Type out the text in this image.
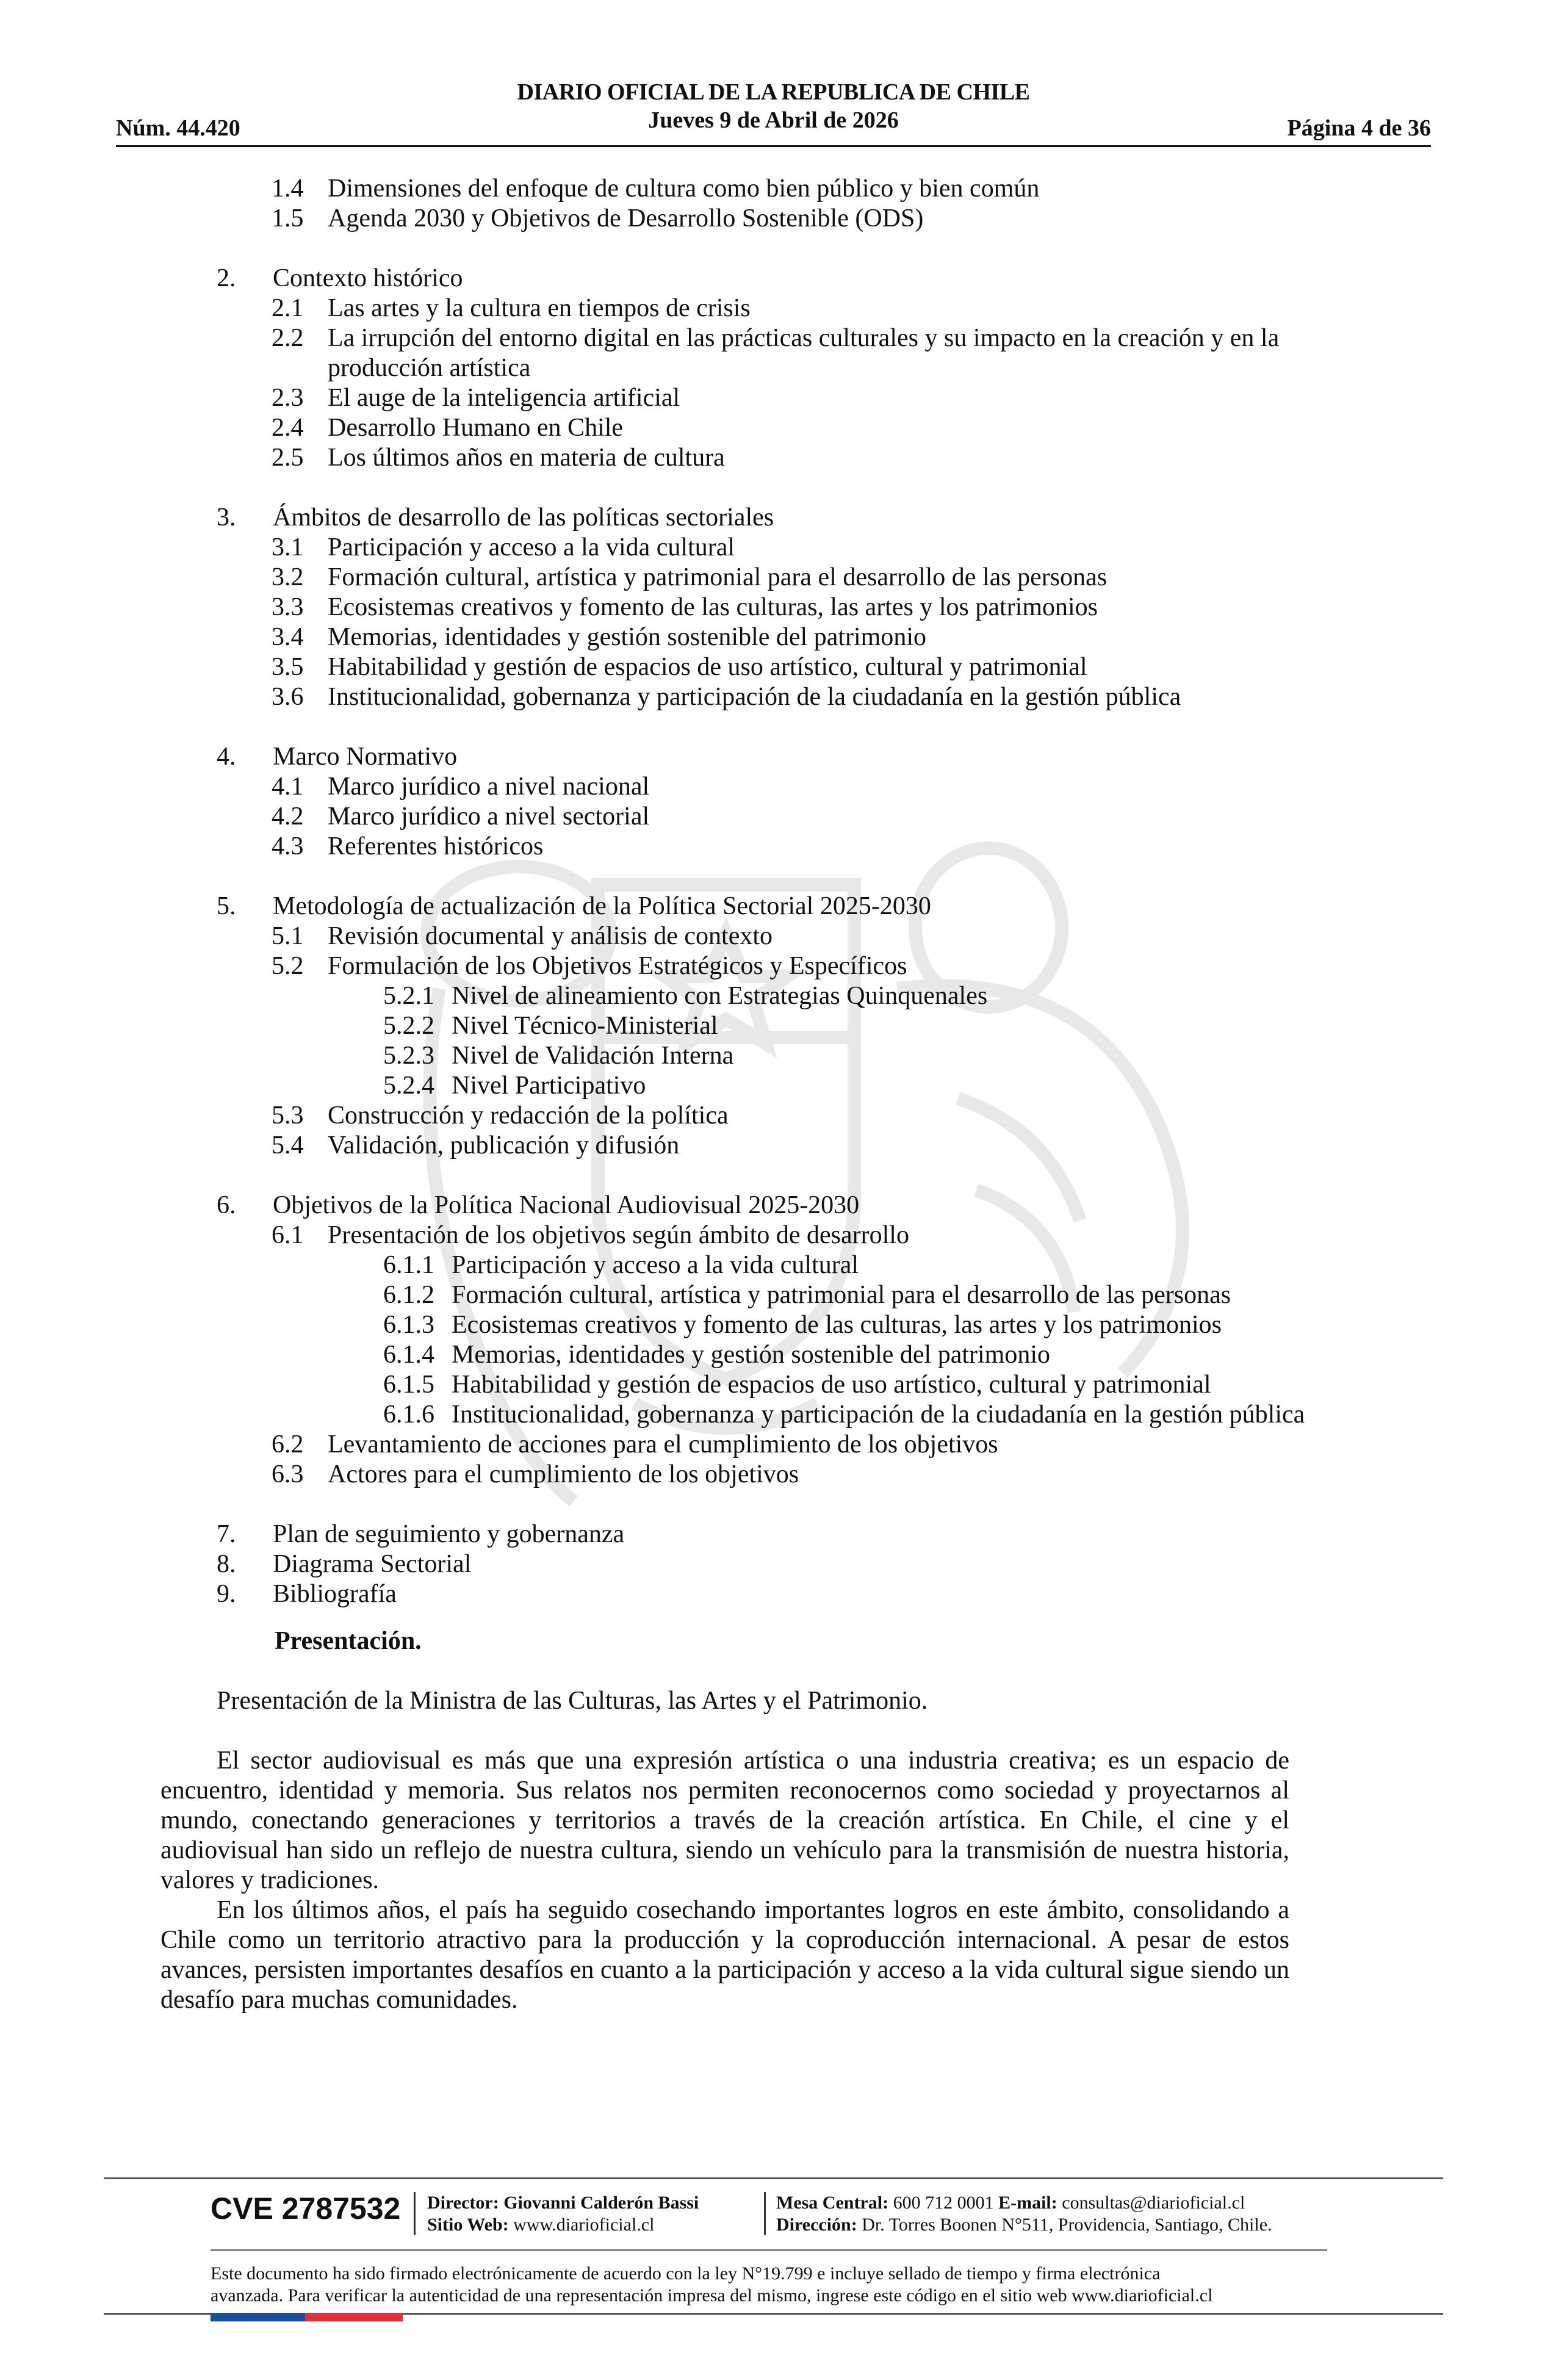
Núm. 44.420
DIARIO OFICIAL DE LA REPUBLICA DE CHILE
Jueves 9 de Abril de 2026	Página 4 de 36
1.4 Dimensiones del enfoque de cultura como bien público y bien común
1.5 Agenda 2030 y Objetivos de Desarrollo Sostenible (ODS)
2. Contexto histórico
2.1 Las artes y la cultura en tiempos de crisis
2.2 La irrupción del entorno digital en las prácticas culturales y su impacto en la creación y en la producción artística
2.3 El auge de la inteligencia artificial
2.4 Desarrollo Humano en Chile
2.5 Los últimos años en materia de cultura
3. Ámbitos de desarrollo de las políticas sectoriales
3.1 Participación y acceso a la vida cultural
3.2 Formación cultural, artística y patrimonial para el desarrollo de las personas
3.3 Ecosistemas creativos y fomento de las culturas, las artes y los patrimonios
3.4 Memorias, identidades y gestión sostenible del patrimonio
3.5 Habitabilidad y gestión de espacios de uso artístico, cultural y patrimonial
3.6 Institucionalidad, gobernanza y participación de la ciudadanía en la gestión pública
4. Marco Normativo
4.1 Marco jurídico a nivel nacional
4.2 Marco jurídico a nivel sectorial
4.3 Referentes históricos
5. Metodología de actualización de la Política Sectorial 2025-2030
5.1 Revisión documental y análisis de contexto
5.2 Formulación de los Objetivos Estratégicos y Específicos
5.2.1 Nivel de alineamiento con Estrategias Quinquenales
5.2.2 Nivel Técnico-Ministerial
5.2.3 Nivel de Validación Interna
5.2.4 Nivel Participativo
5.3 Construcción y redacción de la política
5.4 Validación, publicación y difusión
6. Objetivos de la Política Nacional Audiovisual 2025-2030
6.1 Presentación de los objetivos según ámbito de desarrollo
6.1.1 Participación y acceso a la vida cultural
6.1.2 Formación cultural, artística y patrimonial para el desarrollo de las personas
6.1.3 Ecosistemas creativos y fomento de las culturas, las artes y los patrimonios
6.1.4 Memorias, identidades y gestión sostenible del patrimonio
6.1.5 Habitabilidad y gestión de espacios de uso artístico, cultural y patrimonial
6.1.6 Institucionalidad, gobernanza y participación de la ciudadanía en la gestión pública
6.2 Levantamiento de acciones para el cumplimiento de los objetivos
6.3 Actores para el cumplimiento de los objetivos
7. Plan de seguimiento y gobernanza
8. Diagrama Sectorial
9. Bibliografía
Presentación.
Presentación de la Ministra de las Culturas, las Artes y el Patrimonio.
El sector audiovisual es más que una expresión artística o una industria creativa; es un espacio de encuentro, identidad y memoria. Sus relatos nos permiten reconocernos como sociedad y proyectarnos al mundo, conectando generaciones y territorios a través de la creación artística. En Chile, el cine y el audiovisual han sido un reflejo de nuestra cultura, siendo un vehículo para la transmisión de nuestra historia, valores y tradiciones.
En los últimos años, el país ha seguido cosechando importantes logros en este ámbito, consolidando a Chile como un territorio atractivo para la producción y la coproducción internacional. A pesar de estos avances, persisten importantes desafíos en cuanto a la participación y acceso a la vida cultural sigue siendo un desafío para muchas comunidades.
CVE 2787532 Director: Giovanni Calderón Bassi
Sitio Web: www.diarioficial.cl
Mesa Central: 600 712 0001 E-mail: consultas@diarioficial.cl
Dirección: Dr. Torres Boonen N°511, Providencia, Santiago, Chile.
Este documento ha sido firmado electrónicamente de acuerdo con la ley N°19.799 e incluye sellado de tiempo y firma electrónica
avanzada. Para verificar la autenticidad de una representación impresa del mismo, ingrese este código en el sitio web www.diarioficial.cl
